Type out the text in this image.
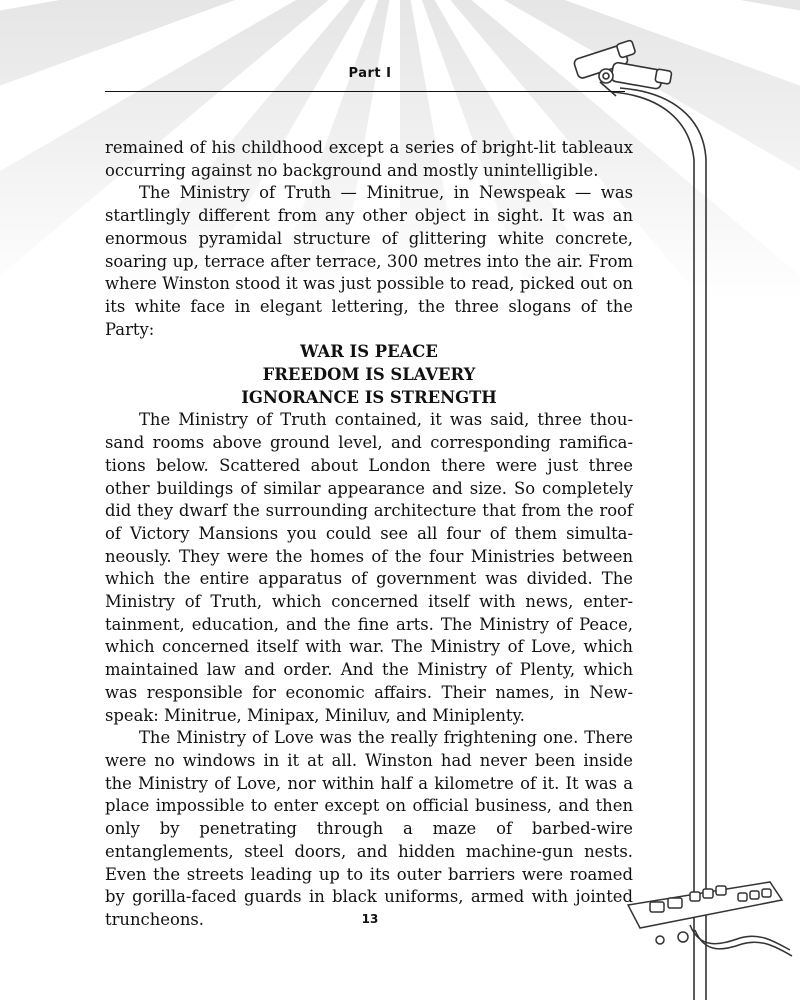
Part I

remained of his childhood except a series of bright-lit tableaux occurring against no background and mostly unintelligible.

The Ministry of Truth — Minitrue, in Newspeak — was startlingly different from any other object in sight. It was an enormous pyramidal structure of glittering white concrete, soaring up, terrace after terrace, 300 metres into the air. From where Winston stood it was just possible to read, picked out on its white face in elegant lettering, the three slogans of the Party:

WAR IS PEACE
FREEDOM IS SLAVERY
IGNORANCE IS STRENGTH

The Ministry of Truth contained, it was said, three thousand rooms above ground level, and corresponding ramifications below. Scattered about London there were just three other buildings of similar appearance and size. So completely did they dwarf the surrounding architecture that from the roof of Victory Mansions you could see all four of them simultaneously. They were the homes of the four Ministries between which the entire apparatus of government was divided. The Ministry of Truth, which concerned itself with news, entertainment, education, and the fine arts. The Ministry of Peace, which concerned itself with war. The Ministry of Love, which maintained law and order. And the Ministry of Plenty, which was responsible for economic affairs. Their names, in Newspeak: Minitrue, Minipax, Miniluv, and Miniplenty.

The Ministry of Love was the really frightening one. There were no windows in it at all. Winston had never been inside the Ministry of Love, nor within half a kilometre of it. It was a place impossible to enter except on official business, and then only by penetrating through a maze of barbed-wire entanglements, steel doors, and hidden machine-gun nests. Even the streets leading up to its outer barriers were roamed by gorilla-faced guards in black uniforms, armed with jointed truncheons.	13
